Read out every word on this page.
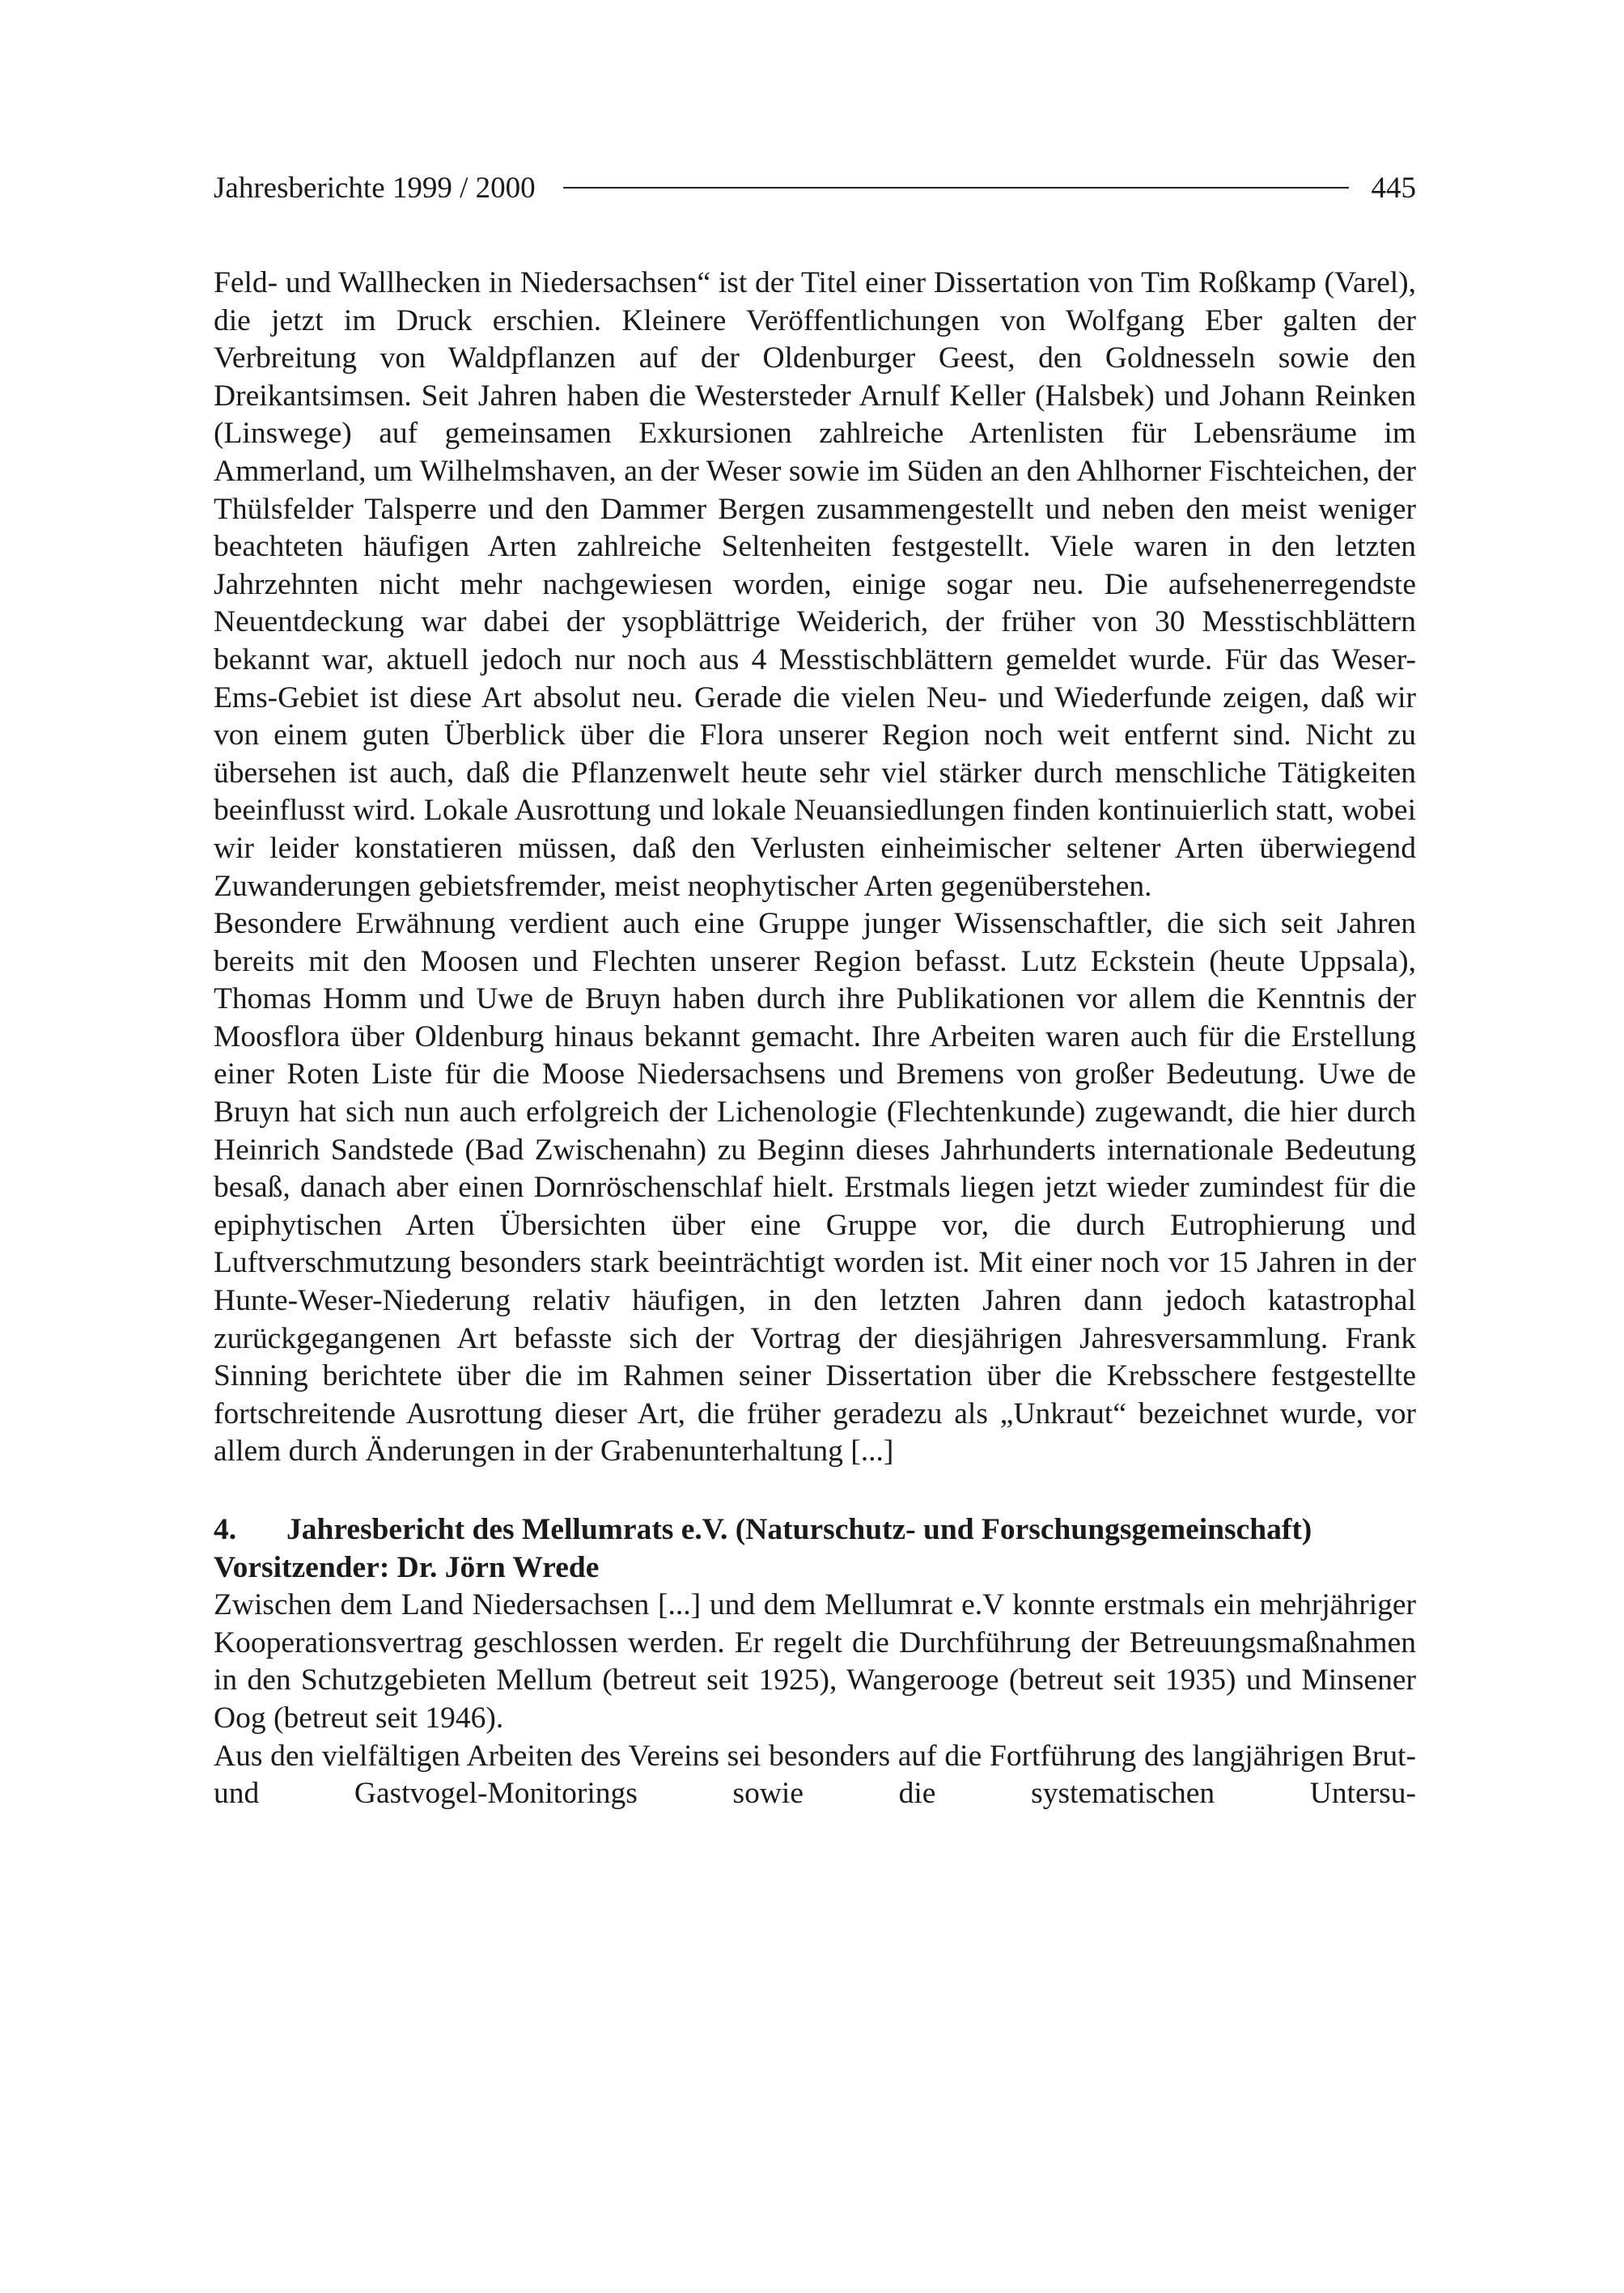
Jahresberichte 1999 / 2000	445

Feld- und Wallhecken in Niedersachsen“ ist der Titel einer Dissertation von Tim Roßkamp (Varel), die jetzt im Druck erschien. Kleinere Veröffentlichungen von Wolfgang Eber galten der Verbreitung von Waldpflanzen auf der Oldenburger Geest, den Goldnesseln sowie den Dreikantsimsen. Seit Jahren haben die Westersteder Arnulf Keller (Halsbek) und Johann Reinken (Linswege) auf gemeinsamen Exkursionen zahlreiche Artenlisten für Lebensräume im Ammerland, um Wilhelmshaven, an der Weser sowie im Süden an den Ahlhorner Fischteichen, der Thülsfelder Talsperre und den Dammer Bergen zusammengestellt und neben den meist weniger beachteten häufigen Arten zahlreiche Seltenheiten festgestellt. Viele waren in den letzten Jahrzehnten nicht mehr nachgewiesen worden, einige sogar neu. Die aufsehenerregendste Neuentdeckung war dabei der ysopblättrige Weiderich, der früher von 30 Messtischblättern bekannt war, aktuell jedoch nur noch aus 4 Messtischblättern gemeldet wurde. Für das Weser-Ems-Gebiet ist diese Art absolut neu. Gerade die vielen Neu- und Wiederfunde zeigen, daß wir von einem guten Überblick über die Flora unserer Region noch weit entfernt sind. Nicht zu übersehen ist auch, daß die Pflanzenwelt heute sehr viel stärker durch menschliche Tätigkeiten beeinflusst wird. Lokale Ausrottung und lokale Neuansiedlungen finden kontinuierlich statt, wobei wir leider konstatieren müssen, daß den Verlusten einheimischer seltener Arten überwiegend Zuwanderungen gebietsfremder, meist neophytischer Arten gegenüberstehen.

Besondere Erwähnung verdient auch eine Gruppe junger Wissenschaftler, die sich seit Jahren bereits mit den Moosen und Flechten unserer Region befasst. Lutz Eckstein (heute Uppsala), Thomas Homm und Uwe de Bruyn haben durch ihre Publikationen vor allem die Kenntnis der Moosflora über Oldenburg hinaus bekannt gemacht. Ihre Arbeiten waren auch für die Erstellung einer Roten Liste für die Moose Niedersachsens und Bremens von großer Bedeutung. Uwe de Bruyn hat sich nun auch erfolgreich der Lichenologie (Flechtenkunde) zugewandt, die hier durch Heinrich Sandstede (Bad Zwischenahn) zu Beginn dieses Jahrhunderts internationale Bedeutung besaß, danach aber einen Dornröschenschlaf hielt. Erstmals liegen jetzt wieder zumindest für die epiphytischen Arten Übersichten über eine Gruppe vor, die durch Eutrophierung und Luftverschmutzung besonders stark beeinträchtigt worden ist. Mit einer noch vor 15 Jahren in der Hunte-Weser-Niederung relativ häufigen, in den letzten Jahren dann jedoch katastrophal zurückgegangenen Art befasste sich der Vortrag der diesjährigen Jahresversammlung. Frank Sinning berichtete über die im Rahmen seiner Dissertation über die Krebsschere festgestellte fortschreitende Ausrottung dieser Art, die früher geradezu als „Unkraut“ bezeichnet wurde, vor allem durch Änderungen in der Grabenunterhaltung [...]

4.	Jahresbericht des Mellumrats e.V. (Naturschutz- und Forschungsgemeinschaft)
Vorsitzender: Dr. Jörn Wrede

Zwischen dem Land Niedersachsen [...] und dem Mellumrat e.V konnte erstmals ein mehrjähriger Kooperationsvertrag geschlossen werden. Er regelt die Durchführung der Betreuungsmaßnahmen in den Schutzgebieten Mellum (betreut seit 1925), Wangerooge (betreut seit 1935) und Minsener Oog (betreut seit 1946).

Aus den vielfältigen Arbeiten des Vereins sei besonders auf die Fortführung des langjährigen Brut- und Gastvogel-Monitorings sowie die systematischen Untersu-
